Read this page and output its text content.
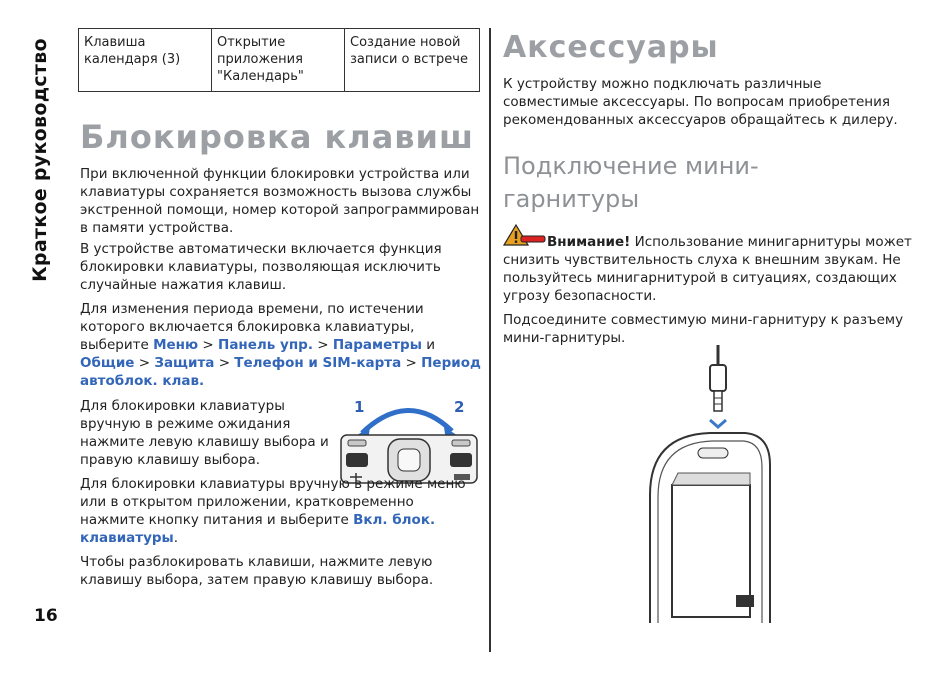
Краткое руководство
16
Клавиша календаря (3)	Открытие приложения "Календарь"	Создание новой записи о встрече
Блокировка клавиш

При включенной функции блокировки устройства или клавиатуры сохраняется возможность вызова службы экстренной помощи, номер которой запрограммирован в памяти устройства.

В устройстве автоматически включается функция блокировки клавиатуры, позволяющая исключить случайные нажатия клавиш.

Для изменения периода времени, по истечении которого включается блокировка клавиатуры, выберите Меню > Панель упр. > Параметры и Общие > Защита > Телефон и SIM-карта > Период автоблок. клав.

Для блокировки клавиатуры вручную в режиме ожидания нажмите левую клавишу выбора и правую клавишу выбора.

1	2

Для блокировки клавиатуры вручную в режиме меню или в открытом приложении, кратковременно нажмите кнопку питания и выберите Вкл. блок. клавиатуры.

Чтобы разблокировать клавиши, нажмите левую клавишу выбора, затем правую клавишу выбора.

Аксессуары

К устройству можно подключать различные совместимые аксессуары. По вопросам приобретения рекомендованных аксессуаров обращайтесь к дилеру.

Подключение мини-гарнитуры

Внимание! Использование минигарнитуры может снизить чувствительность слуха к внешним звукам. Не пользуйтесь минигарнитурой в ситуациях, создающих угрозу безопасности.

Подсоедините совместимую мини-гарнитуру к разъему мини-гарнитуры.
